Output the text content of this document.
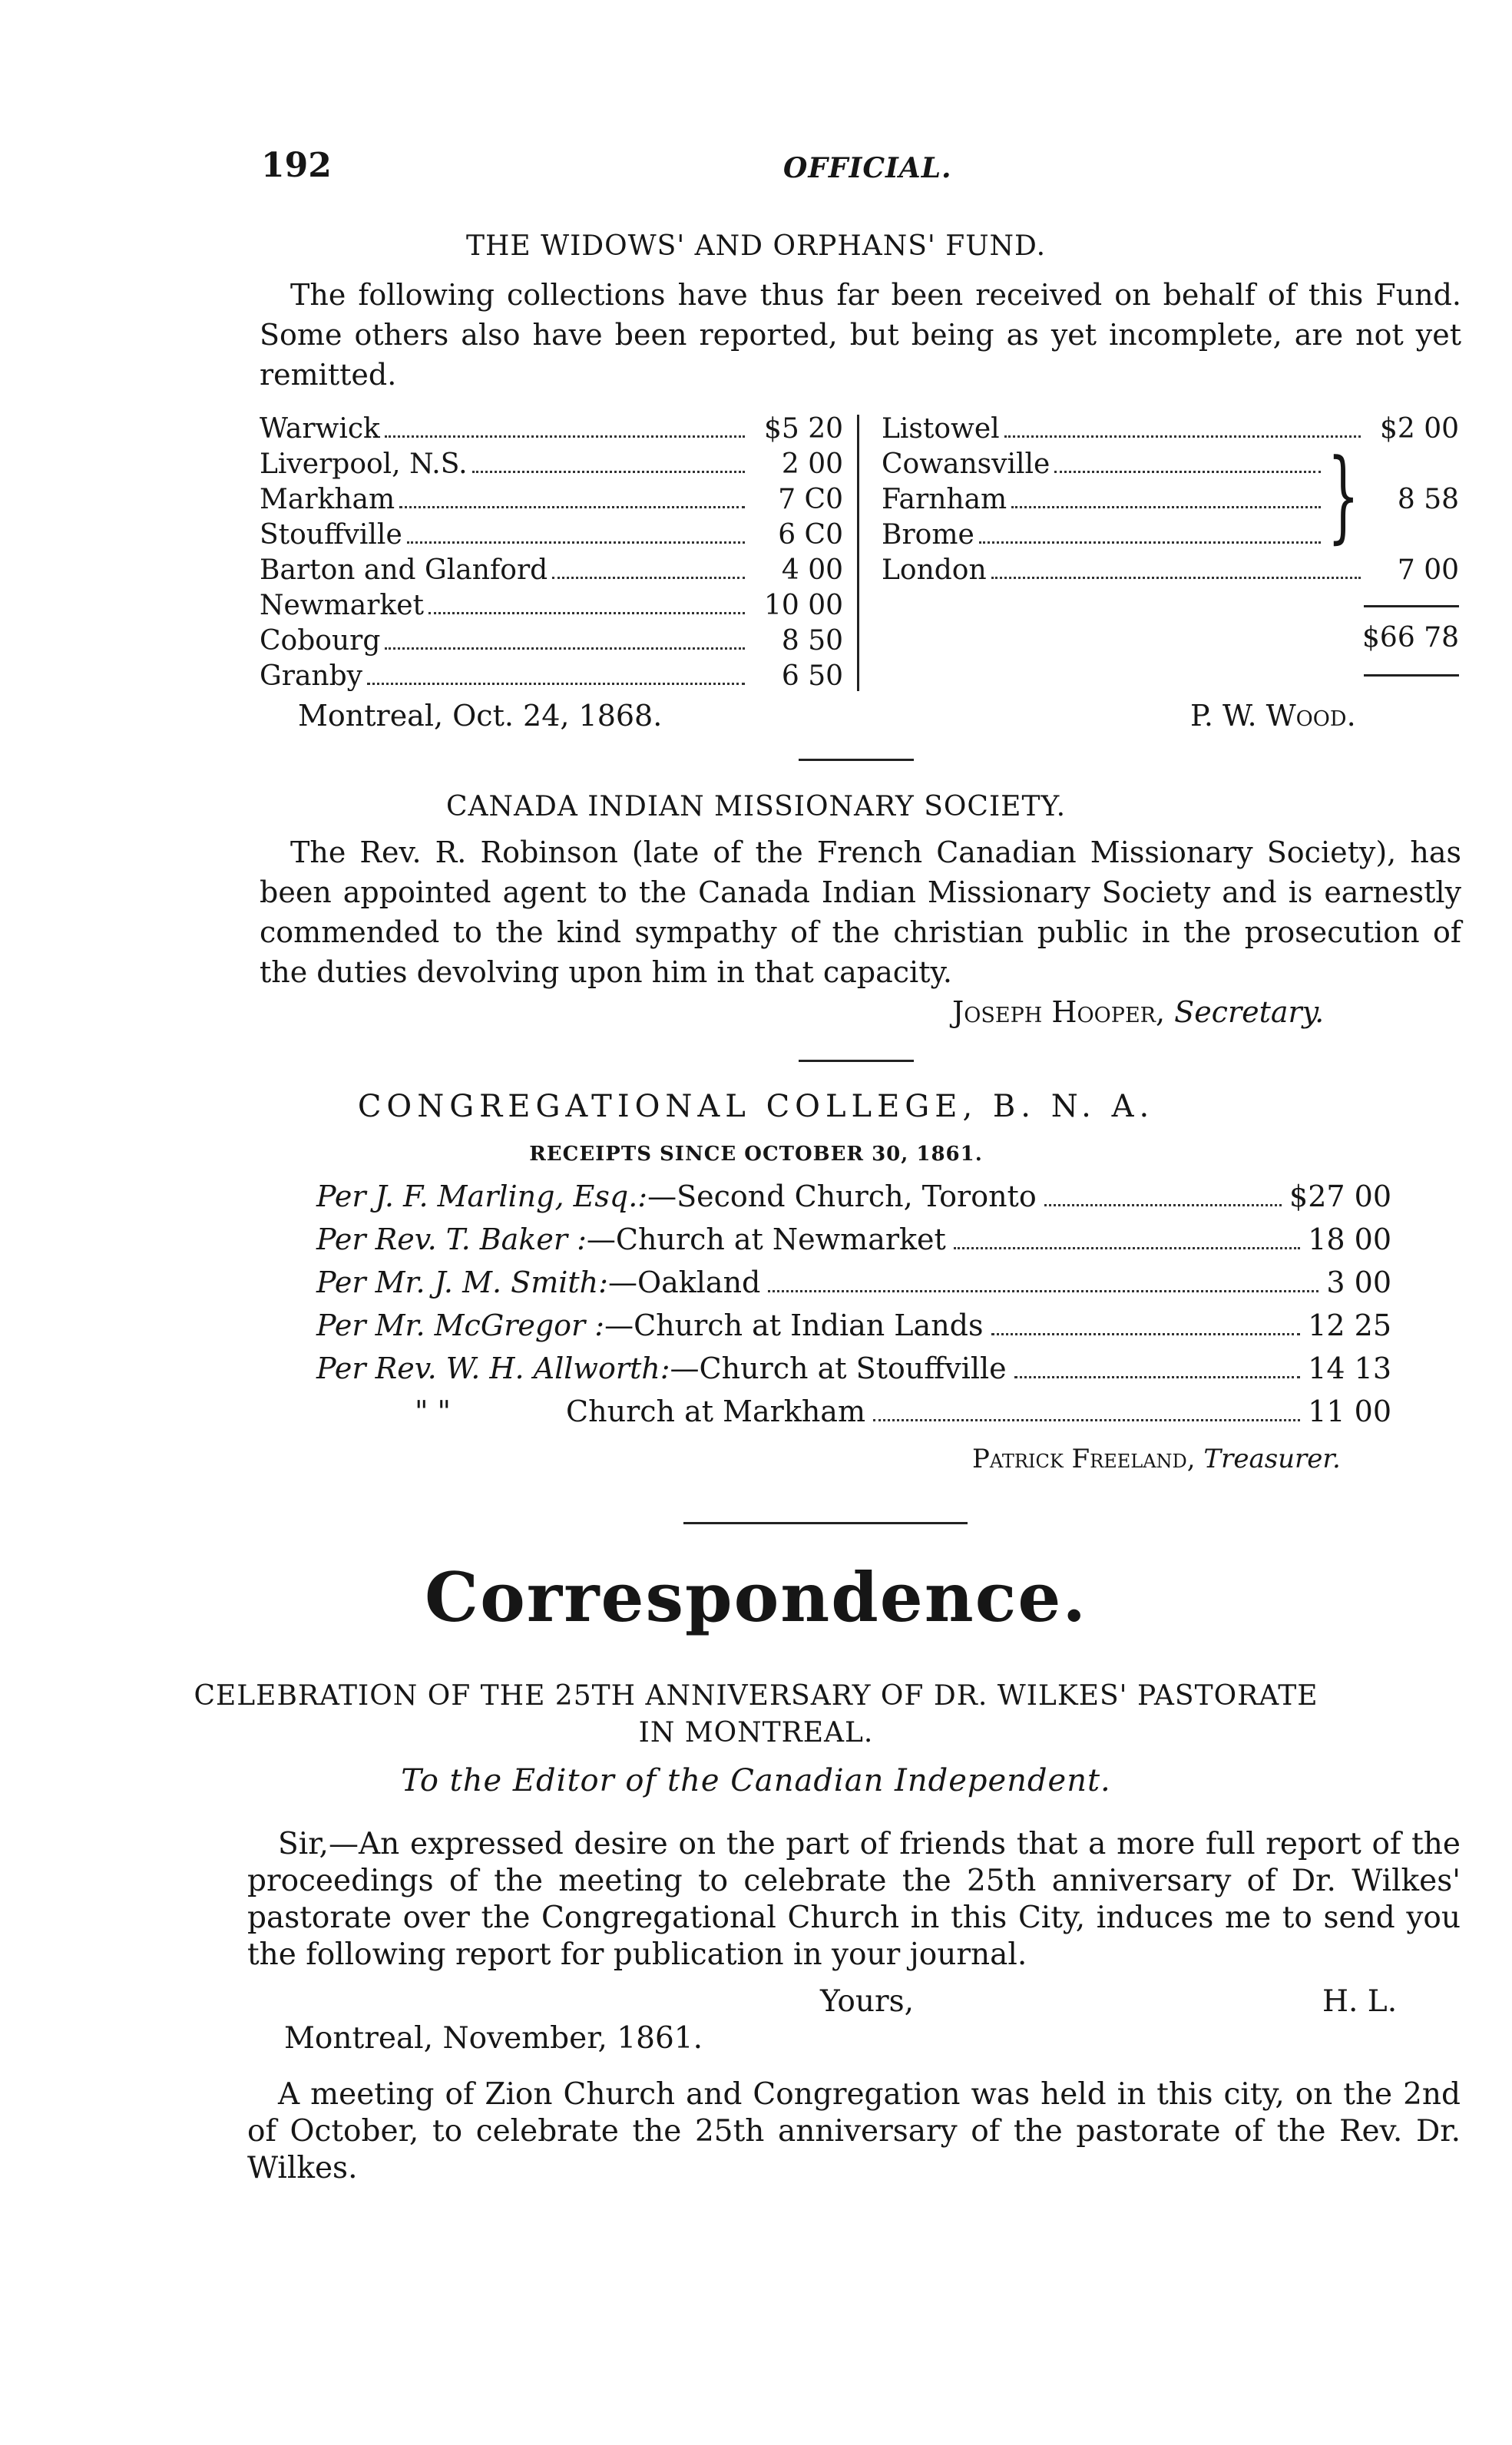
192	OFFICIAL.
THE WIDOWS' AND ORPHANS' FUND.

The following collections have thus far been received on behalf of this Fund. Some others also have been reported, but being as yet incomplete, are not yet remitted.

Warwick	$5 20
Liverpool, N.S.	2 00
Markham	7 C0
Stouffville	6 C0
Barton and Glanford	4 00
Newmarket	10 00
Cobourg	8 50
Granby	6 50
Listowel	$2 00
Cowansville
Farnham
Brome	}	8 58
London	7 00
$66 78
Montreal, Oct. 24, 1868.	P. W. Wood.
CANADA INDIAN MISSIONARY SOCIETY.

The Rev. R. Robinson (late of the French Canadian Missionary Society), has been appointed agent to the Canada Indian Missionary Society and is earnestly commended to the kind sympathy of the christian public in the prosecution of the duties devolving upon him in that capacity.

Joseph Hooper, Secretary.
CONGREGATIONAL COLLEGE, B. N. A.
RECEIPTS SINCE OCTOBER 30, 1861.
Per J. F. Marling, Esq.: —Second Church, Toronto	$27 00
Per Rev. T. Baker : —Church at Newmarket	18 00
Per Mr. J. M. Smith: —Oakland	3 00
Per Mr. McGregor : —Church at Indian Lands	12 25
Per Rev. W. H. Allworth: —Church at Stouffville	14 13
" "	Church at Markham	11 00
Patrick Freeland, Treasurer.
Correspondence.
CELEBRATION OF THE 25TH ANNIVERSARY OF DR. WILKES' PASTORATE
IN MONTREAL.
To the Editor of the Canadian Independent.

Sir,—An expressed desire on the part of friends that a more full report of the proceedings of the meeting to celebrate the 25th anniversary of Dr. Wilkes' pastorate over the Congregational Church in this City, induces me to send you the following report for publication in your journal.

Yours,	H. L.
Montreal, November, 1861.

A meeting of Zion Church and Congregation was held in this city, on the 2nd of October, to celebrate the 25th anniversary of the pastorate of the Rev. Dr. Wilkes.
